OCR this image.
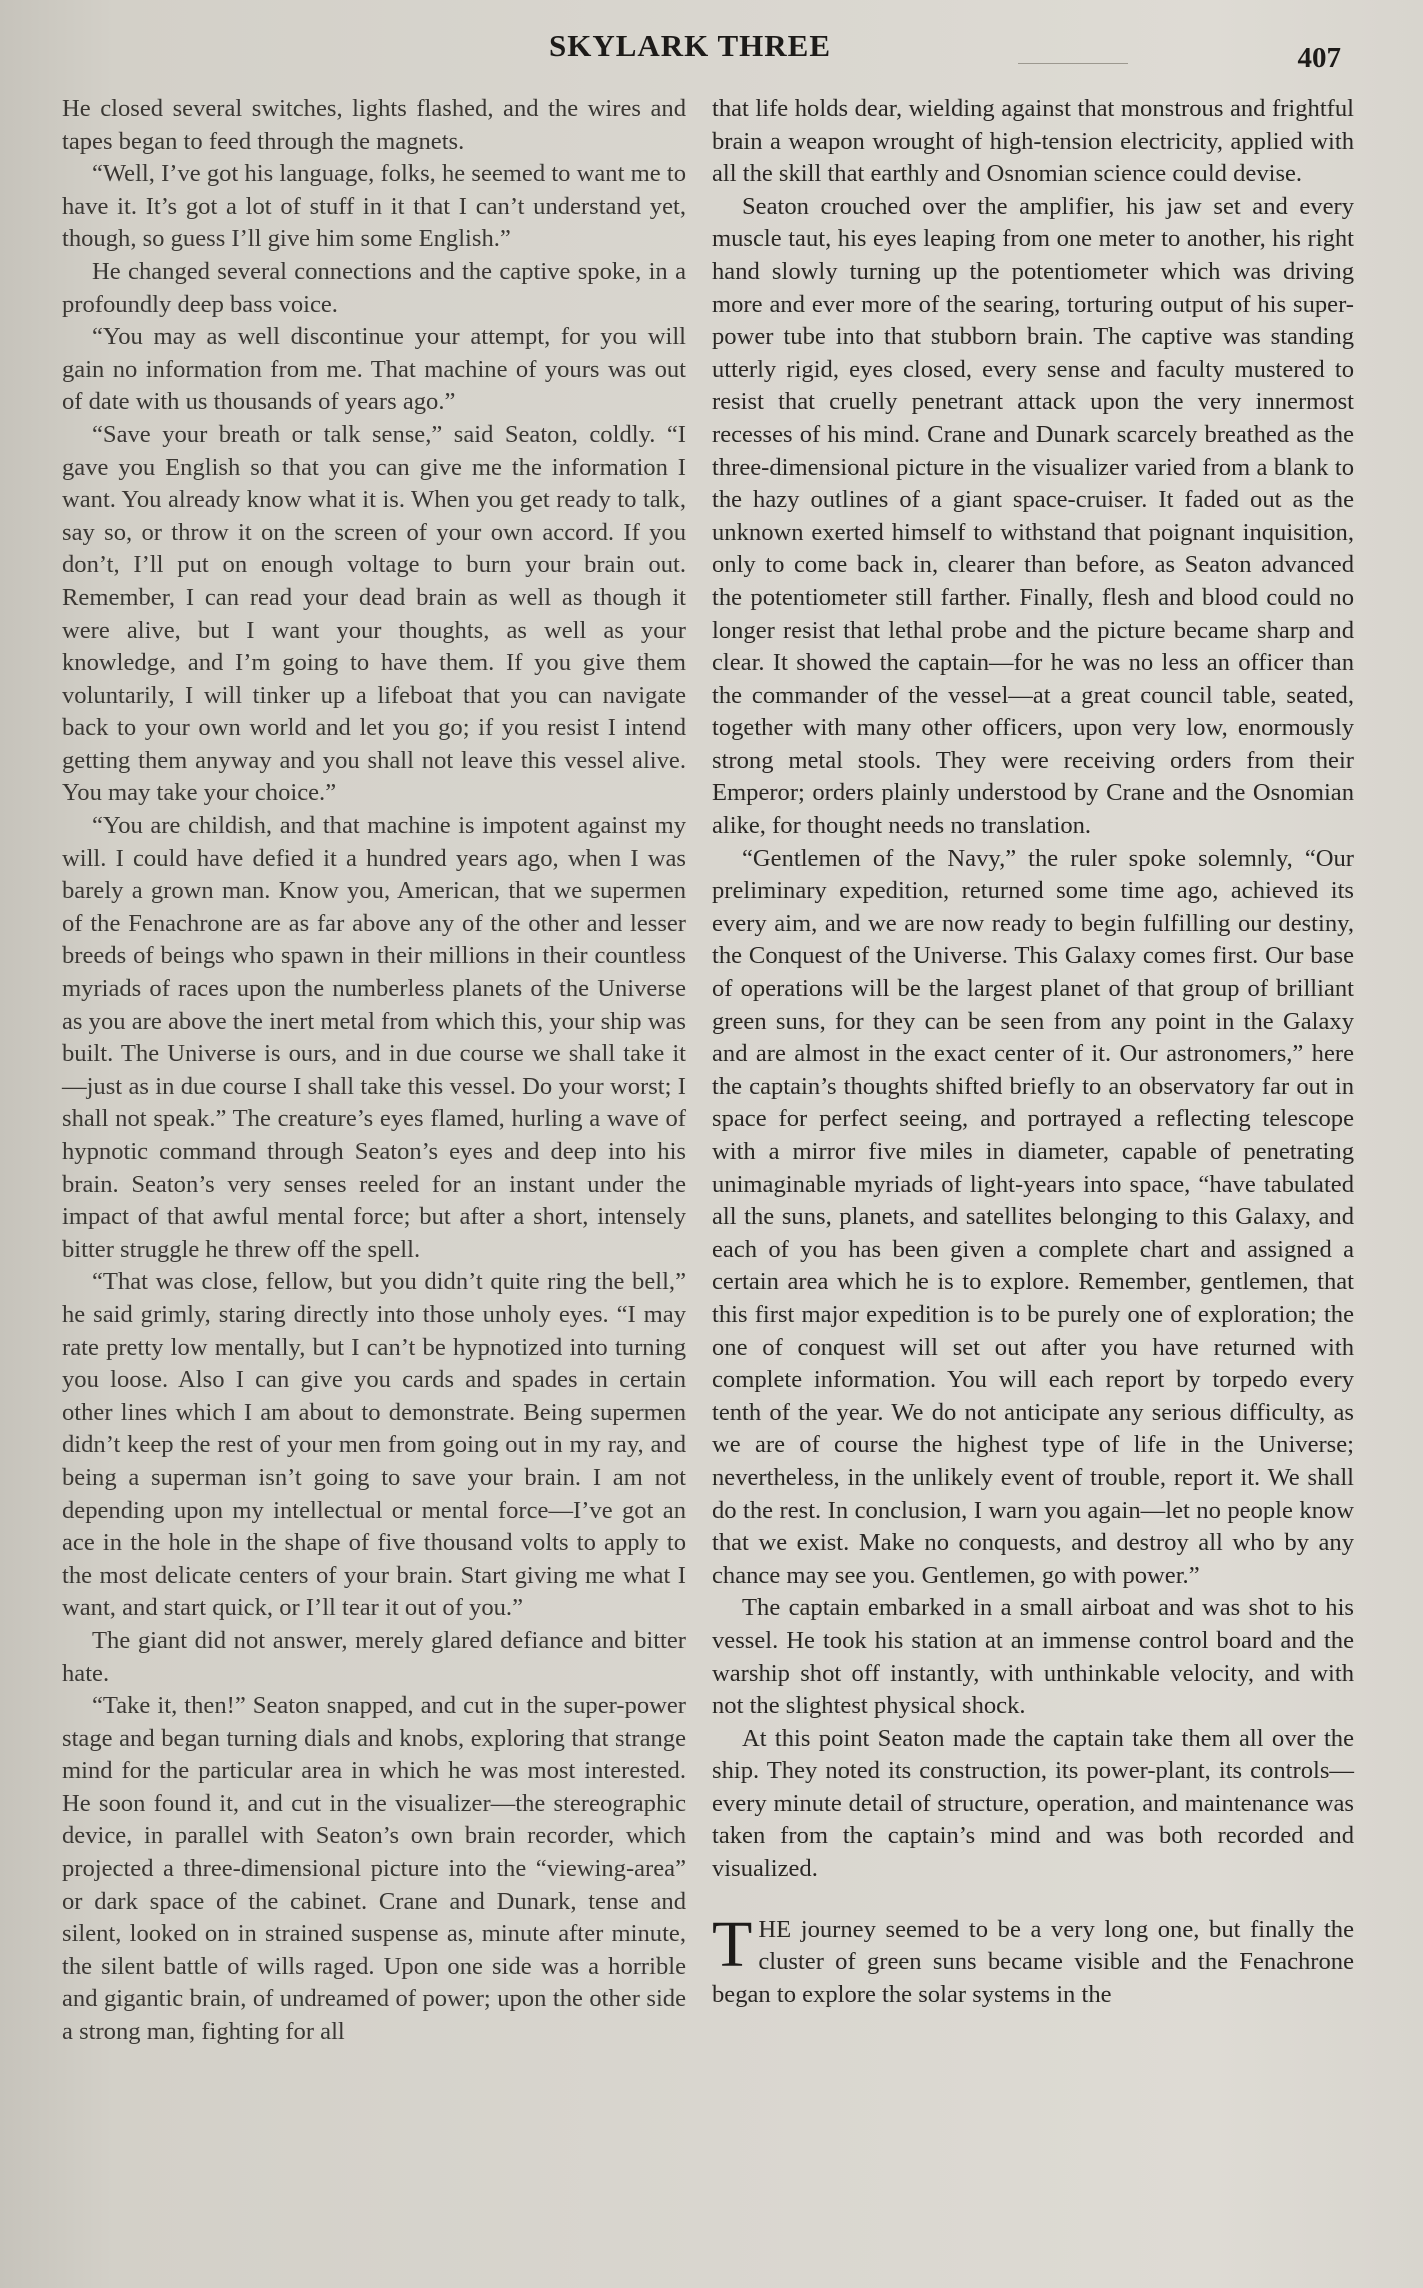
SKYLARK THREE	407

He closed several switches, lights flashed, and the wires and tapes began to feed through the magnets.

“Well, I’ve got his language, folks, he seemed to want me to have it. It’s got a lot of stuff in it that I can’t understand yet, though, so guess I’ll give him some English.”

He changed several connections and the captive spoke, in a profoundly deep bass voice.

“You may as well discontinue your attempt, for you will gain no information from me. That machine of yours was out of date with us thousands of years ago.”

“Save your breath or talk sense,” said Seaton, coldly. “I gave you English so that you can give me the information I want. You already know what it is. When you get ready to talk, say so, or throw it on the screen of your own accord. If you don’t, I’ll put on enough voltage to burn your brain out. Remember, I can read your dead brain as well as though it were alive, but I want your thoughts, as well as your knowledge, and I’m going to have them. If you give them voluntarily, I will tinker up a lifeboat that you can navigate back to your own world and let you go; if you resist I intend getting them anyway and you shall not leave this vessel alive. You may take your choice.”

“You are childish, and that machine is impotent against my will. I could have defied it a hundred years ago, when I was barely a grown man. Know you, American, that we supermen of the Fenachrone are as far above any of the other and lesser breeds of beings who spawn in their millions in their countless myriads of races upon the numberless planets of the Universe as you are above the inert metal from which this, your ship was built. The Universe is ours, and in due course we shall take it—just as in due course I shall take this vessel. Do your worst; I shall not speak.” The creature’s eyes flamed, hurling a wave of hypnotic command through Seaton’s eyes and deep into his brain. Seaton’s very senses reeled for an instant under the impact of that awful mental force; but after a short, intensely bitter struggle he threw off the spell.

“That was close, fellow, but you didn’t quite ring the bell,” he said grimly, staring directly into those unholy eyes. “I may rate pretty low mentally, but I can’t be hypnotized into turning you loose. Also I can give you cards and spades in certain other lines which I am about to demonstrate. Being supermen didn’t keep the rest of your men from going out in my ray, and being a superman isn’t going to save your brain. I am not depending upon my intellectual or mental force—I’ve got an ace in the hole in the shape of five thousand volts to apply to the most delicate centers of your brain. Start giving me what I want, and start quick, or I’ll tear it out of you.”

The giant did not answer, merely glared defiance and bitter hate.

“Take it, then!” Seaton snapped, and cut in the super-power stage and began turning dials and knobs, exploring that strange mind for the particular area in which he was most interested. He soon found it, and cut in the visualizer—the stereographic device, in parallel with Seaton’s own brain recorder, which projected a three-dimensional picture into the “viewing-area” or dark space of the cabinet. Crane and Dunark, tense and silent, looked on in strained suspense as, minute after minute, the silent battle of wills raged. Upon one side was a horrible and gigantic brain, of undreamed of power; upon the other side a strong man, fighting for all

that life holds dear, wielding against that monstrous and frightful brain a weapon wrought of high-tension electricity, applied with all the skill that earthly and Osnomian science could devise.

Seaton crouched over the amplifier, his jaw set and every muscle taut, his eyes leaping from one meter to another, his right hand slowly turning up the potentiometer which was driving more and ever more of the searing, torturing output of his super-power tube into that stubborn brain. The captive was standing utterly rigid, eyes closed, every sense and faculty mustered to resist that cruelly penetrant attack upon the very innermost recesses of his mind. Crane and Dunark scarcely breathed as the three-dimensional picture in the visualizer varied from a blank to the hazy outlines of a giant space-cruiser. It faded out as the unknown exerted himself to withstand that poignant inquisition, only to come back in, clearer than before, as Seaton advanced the potentiometer still farther. Finally, flesh and blood could no longer resist that lethal probe and the picture became sharp and clear. It showed the captain—for he was no less an officer than the commander of the vessel—at a great council table, seated, together with many other officers, upon very low, enormously strong metal stools. They were receiving orders from their Emperor; orders plainly understood by Crane and the Osnomian alike, for thought needs no translation.

“Gentlemen of the Navy,” the ruler spoke solemnly, “Our preliminary expedition, returned some time ago, achieved its every aim, and we are now ready to begin fulfilling our destiny, the Conquest of the Universe. This Galaxy comes first. Our base of operations will be the largest planet of that group of brilliant green suns, for they can be seen from any point in the Galaxy and are almost in the exact center of it. Our astronomers,” here the captain’s thoughts shifted briefly to an observatory far out in space for perfect seeing, and portrayed a reflecting telescope with a mirror five miles in diameter, capable of penetrating unimaginable myriads of light-years into space, “have tabulated all the suns, planets, and satellites belonging to this Galaxy, and each of you has been given a complete chart and assigned a certain area which he is to explore. Remember, gentlemen, that this first major expedition is to be purely one of exploration; the one of conquest will set out after you have returned with complete information. You will each report by torpedo every tenth of the year. We do not anticipate any serious difficulty, as we are of course the highest type of life in the Universe; nevertheless, in the unlikely event of trouble, report it. We shall do the rest. In conclusion, I warn you again—let no people know that we exist. Make no conquests, and destroy all who by any chance may see you. Gentlemen, go with power.”

The captain embarked in a small airboat and was shot to his vessel. He took his station at an immense control board and the warship shot off instantly, with unthinkable velocity, and with not the slightest physical shock.

At this point Seaton made the captain take them all over the ship. They noted its construction, its power-plant, its controls—every minute detail of structure, operation, and maintenance was taken from the captain’s mind and was both recorded and visualized.

THE journey seemed to be a very long one, but finally the cluster of green suns became visible and the Fenachrone began to explore the solar systems in the
